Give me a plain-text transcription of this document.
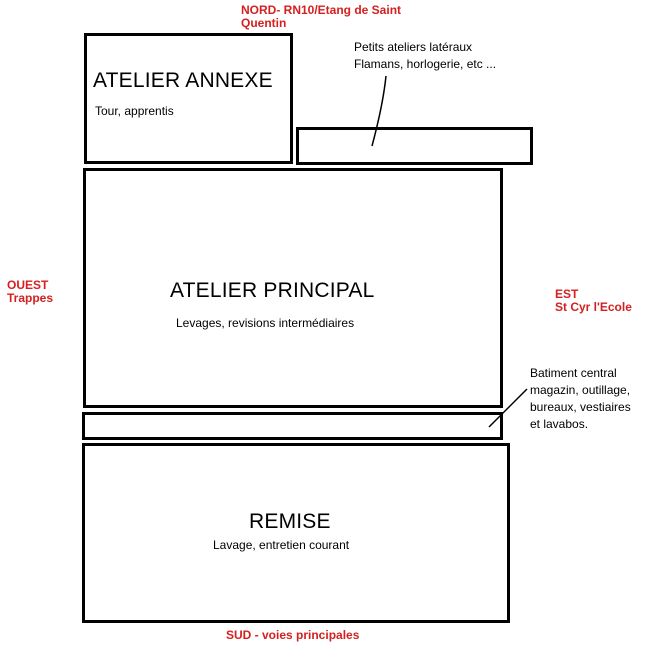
NORD- RN10/Etang de Saint
Quentin
OUEST
Trappes	EST
St Cyr l'Ecole
SUD - voies principales
ATELIER ANNEXE
Tour, apprentis
ATELIER PRINCIPAL
Levages, revisions intermédiaires
REMISE
Lavage, entretien courant
Petits ateliers latéraux
Flamans, horlogerie, etc ...
Batiment central
magazin, outillage,
bureaux, vestiaires
et lavabos.
